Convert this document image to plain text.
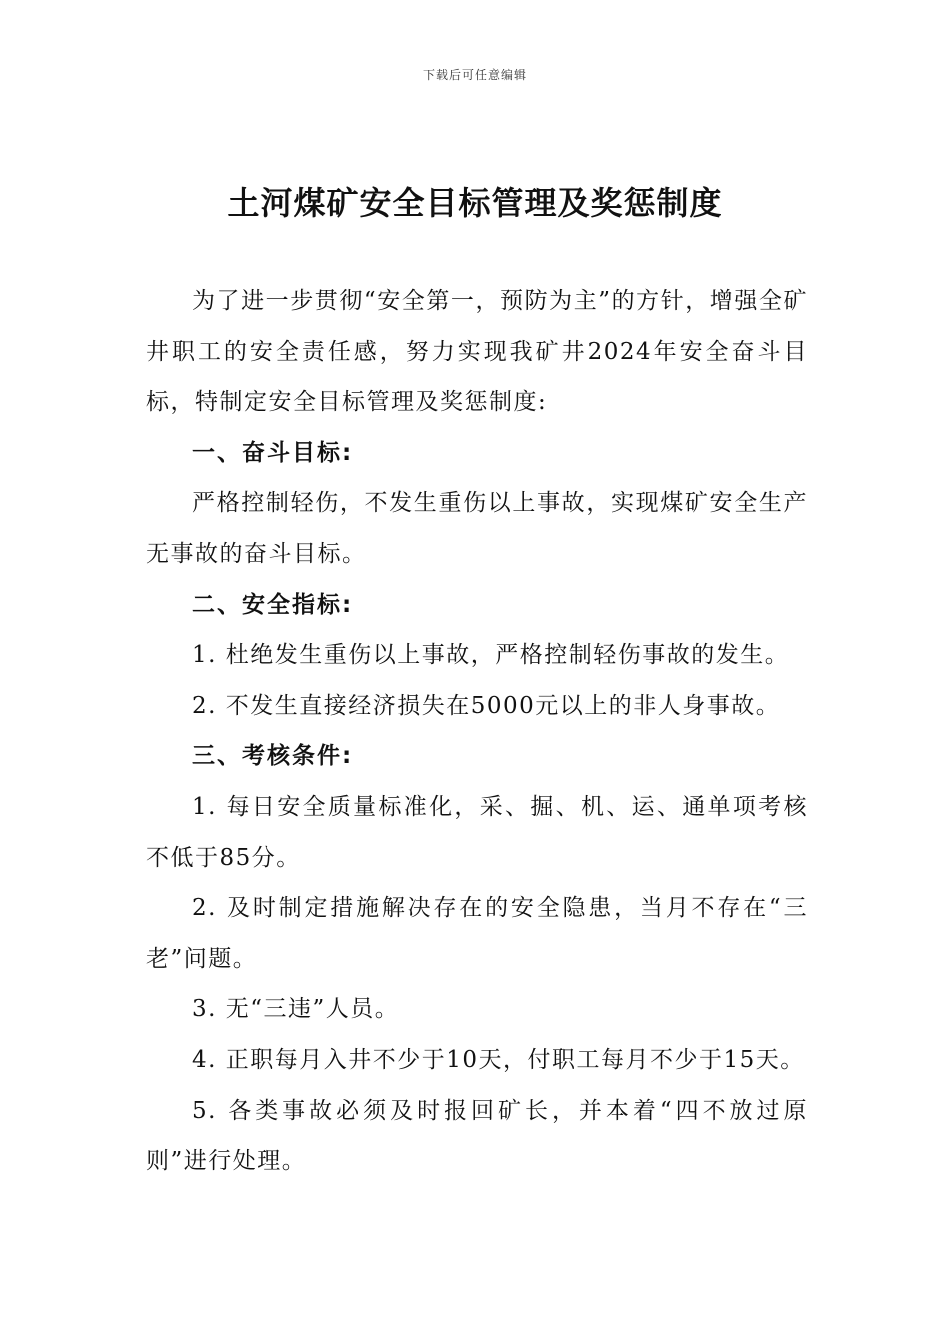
下载后可任意编辑
土河煤矿安全目标管理及奖惩制度

为了进一步贯彻“安全第一，预防为主”的方针，增强全矿井职工的安全责任感，努力实现我矿井2024年安全奋斗目标，特制定安全目标管理及奖惩制度:

一、奋斗目标:

严格控制轻伤，不发生重伤以上事故，实现煤矿安全生产无事故的奋斗目标。

二、安全指标:

1. 杜绝发生重伤以上事故，严格控制轻伤事故的发生。

2. 不发生直接经济损失在5000元以上的非人身事故。

三、考核条件:

1. 每日安全质量标准化，采、掘、机、运、通单项考核不低于85分。

2. 及时制定措施解决存在的安全隐患，当月不存在“三老”问题。

3. 无“三违”人员。

4. 正职每月入井不少于10天，付职工每月不少于15天。

5. 各类事故必须及时报回矿长，并本着“四不放过原则”进行处理。
